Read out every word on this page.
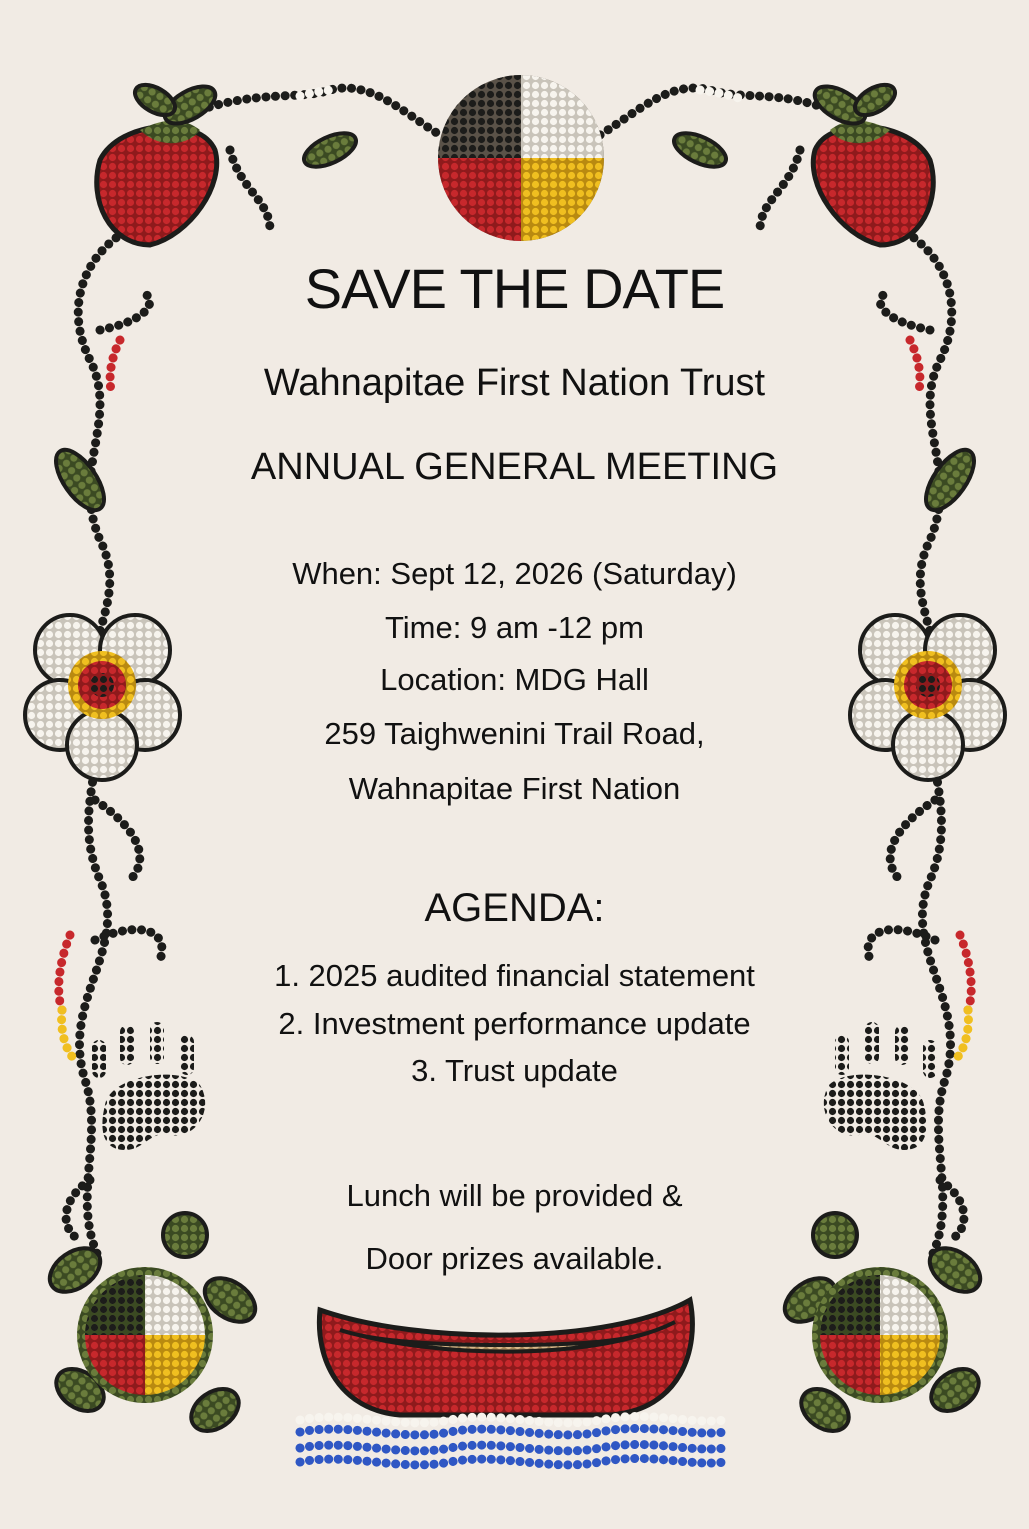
SAVE THE DATE
Wahnapitae First Nation Trust
ANNUAL GENERAL MEETING
When: Sept 12, 2026 (Saturday)
Time: 9 am -12 pm
Location: MDG Hall
259 Taighwenini Trail Road,
Wahnapitae First Nation
AGENDA:
1. 2025 audited financial statement
2. Investment performance update
3. Trust update
Lunch will be provided &
Door prizes available.
